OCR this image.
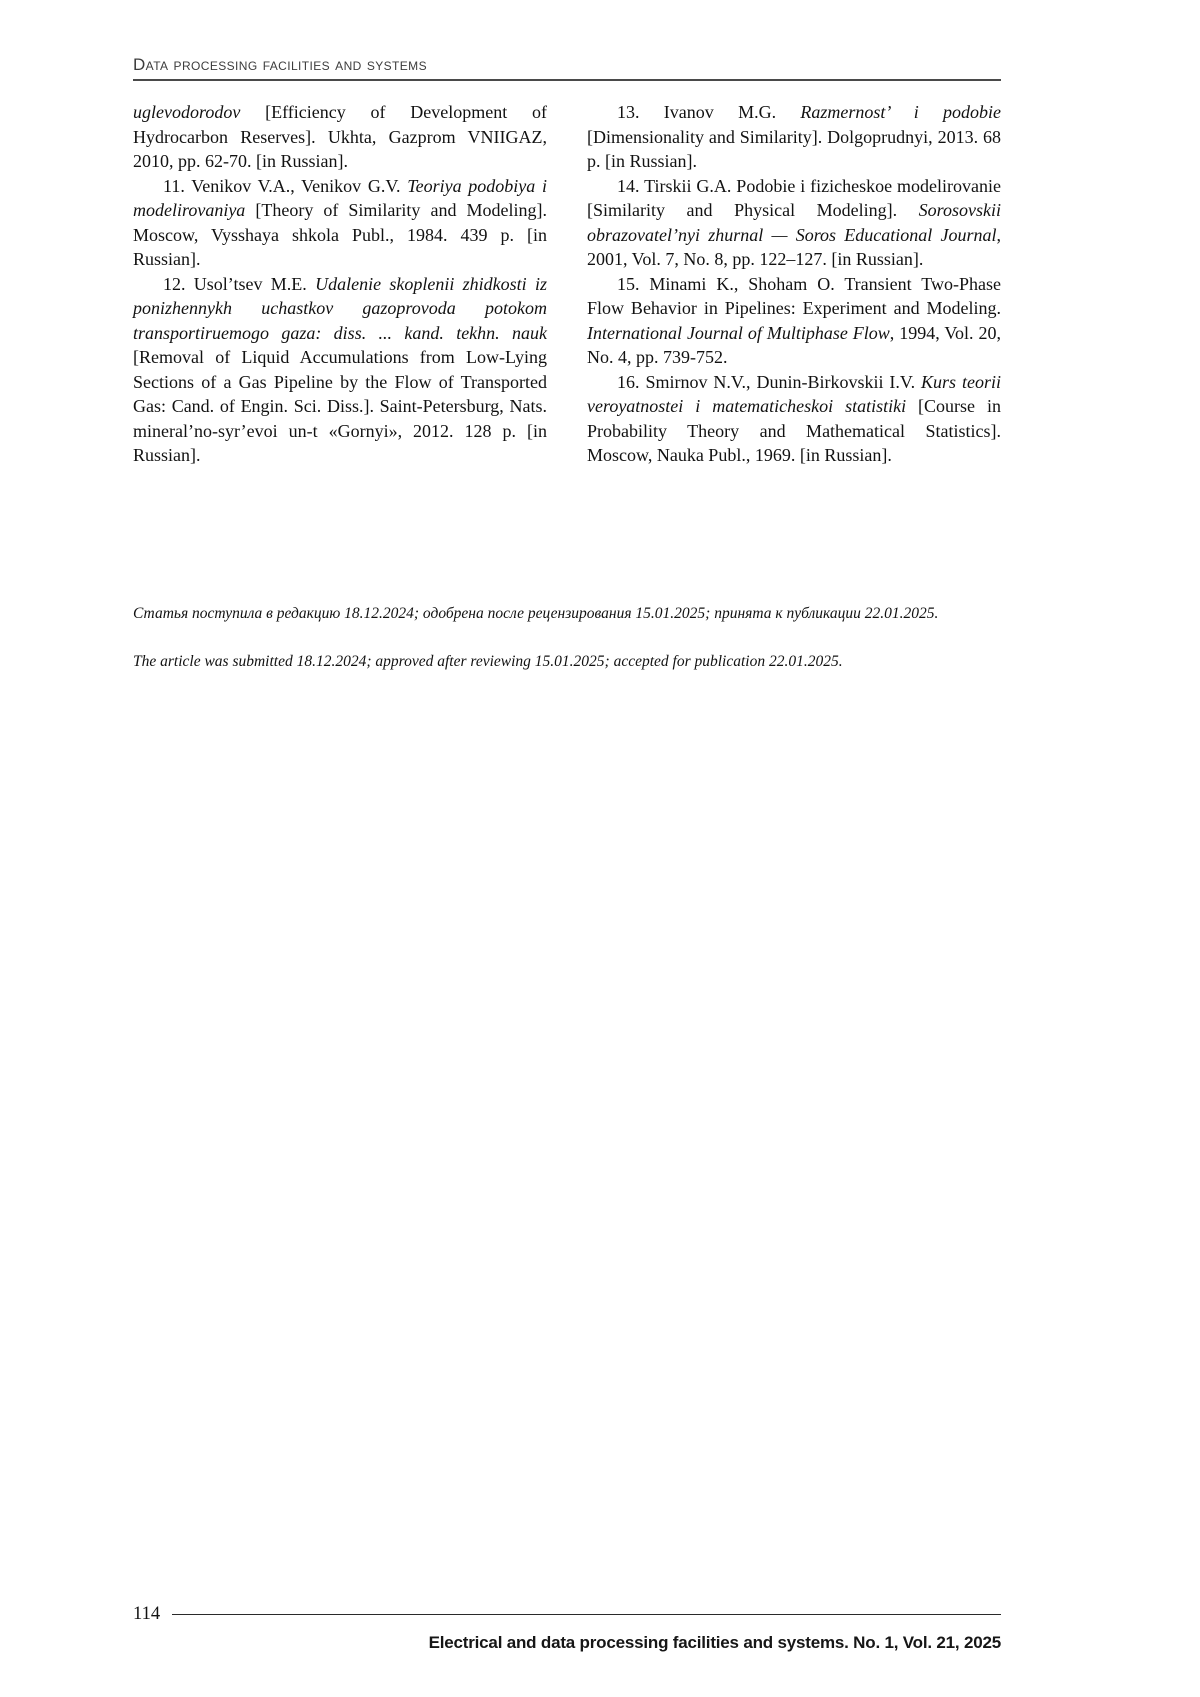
Data processing facilities and systems

uglevodorodov [Efficiency of Development of Hydrocarbon Reserves]. Ukhta, Gazprom VNIIGAZ, 2010, pp. 62-70. [in Russian].

11. Venikov V.A., Venikov G.V. Teoriya podobiya i modelirovaniya [Theory of Similarity and Modeling]. Moscow, Vysshaya shkola Publ., 1984. 439 p. [in Russian].

12. Usol’tsev M.E. Udalenie skoplenii zhidkosti iz ponizhennykh uchastkov gazoprovoda potokom transportiruemogo gaza: diss. ... kand. tekhn. nauk [Removal of Liquid Accumulations from Low-Lying Sections of a Gas Pipeline by the Flow of Transported Gas: Cand. of Engin. Sci. Diss.]. Saint-Petersburg, Nats. mineral’no-syr’evoi un-t «Gornyi», 2012. 128 p. [in Russian].

13. Ivanov M.G. Razmernost’ i podobie [Dimensionality and Similarity]. Dolgoprudnyi, 2013. 68 p. [in Russian].

14. Tirskii G.A. Podobie i fizicheskoe modelirovanie [Similarity and Physical Modeling]. Sorosovskii obrazovatel’nyi zhurnal — Soros Educational Journal, 2001, Vol. 7, No. 8, pp. 122–127. [in Russian].

15. Minami K., Shoham O. Transient Two-Phase Flow Behavior in Pipelines: Experiment and Modeling. International Journal of Multiphase Flow, 1994, Vol. 20, No. 4, pp. 739-752.

16. Smirnov N.V., Dunin-Birkovskii I.V. Kurs teorii veroyatnostei i matematicheskoi statistiki [Course in Probability Theory and Mathematical Statistics]. Moscow, Nauka Publ., 1969. [in Russian].

Статья поступила в редакцию 18.12.2024; одобрена после рецензирования 15.01.2025; принята к публикации 22.01.2025.

The article was submitted 18.12.2024; approved after reviewing 15.01.2025; accepted for publication 22.01.2025.

114
Electrical and data processing facilities and systems. No. 1, Vol. 21, 2025
